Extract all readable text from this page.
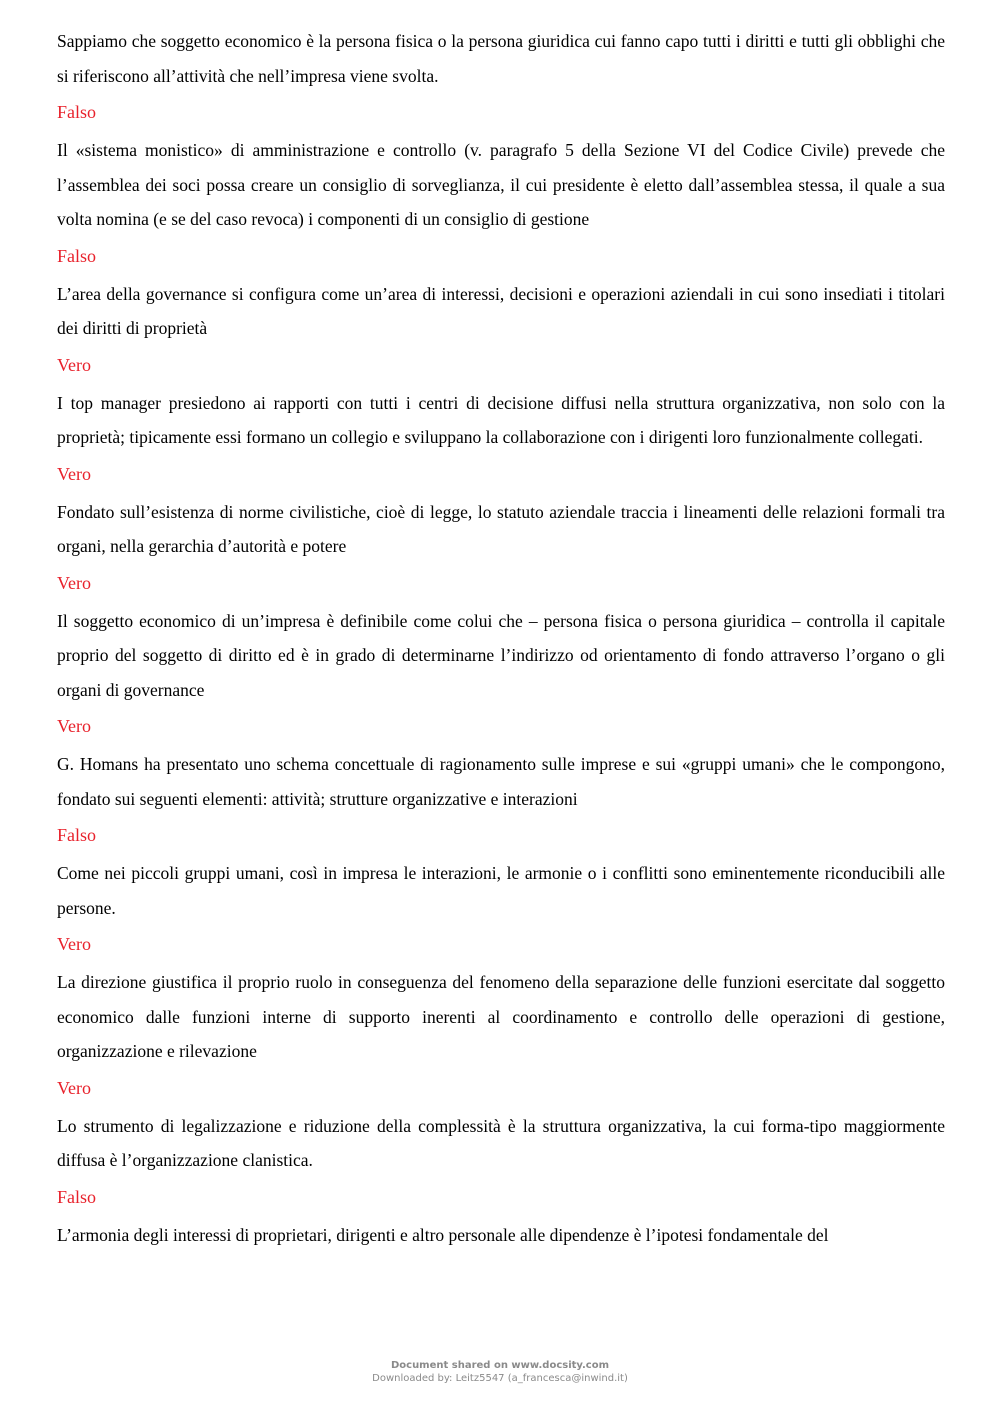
Sappiamo che soggetto economico è la persona fisica o la persona giuridica cui fanno capo tutti i diritti e tutti gli obblighi che si riferiscono all’attività che nell’impresa viene svolta.

Falso

Il «sistema monistico» di amministrazione e controllo (v. paragrafo 5 della Sezione VI del Codice Civile) prevede che l’assemblea dei soci possa creare un consiglio di sorveglianza, il cui presidente è eletto dall’assemblea stessa, il quale a sua volta nomina (e se del caso revoca) i componenti di un consiglio di gestione

Falso

L’area della governance si configura come un’area di interessi, decisioni e operazioni aziendali in cui sono insediati i titolari dei diritti di proprietà

Vero

I top manager presiedono ai rapporti con tutti i centri di decisione diffusi nella struttura organizzativa, non solo con la proprietà; tipicamente essi formano un collegio e sviluppano la collaborazione con i dirigenti loro funzionalmente collegati.

Vero

Fondato sull’esistenza di norme civilistiche, cioè di legge, lo statuto aziendale traccia i lineamenti delle relazioni formali tra organi, nella gerarchia d’autorità e potere

Vero

Il soggetto economico di un’impresa è definibile come colui che – persona fisica o persona giuridica – controlla il capitale proprio del soggetto di diritto ed è in grado di determinarne l’indirizzo od orientamento di fondo attraverso l’organo o gli organi di governance

Vero

G. Homans ha presentato uno schema concettuale di ragionamento sulle imprese e sui «gruppi umani» che le compongono, fondato sui seguenti elementi: attività; strutture organizzative e interazioni

Falso

Come nei piccoli gruppi umani, così in impresa le interazioni, le armonie o i conflitti sono eminentemente riconducibili alle persone.

Vero

La direzione giustifica il proprio ruolo in conseguenza del fenomeno della separazione delle funzioni esercitate dal soggetto economico dalle funzioni interne di supporto inerenti al coordinamento e controllo delle operazioni di gestione, organizzazione e rilevazione

Vero

Lo strumento di legalizzazione e riduzione della complessità è la struttura organizzativa, la cui forma-tipo maggiormente diffusa è l’organizzazione clanistica.

Falso

L’armonia degli interessi di proprietari, dirigenti e altro personale alle dipendenze è l’ipotesi fondamentale del

Document shared on www.docsity.com
Downloaded by: Leitz5547 (a_francesca@inwind.it)
